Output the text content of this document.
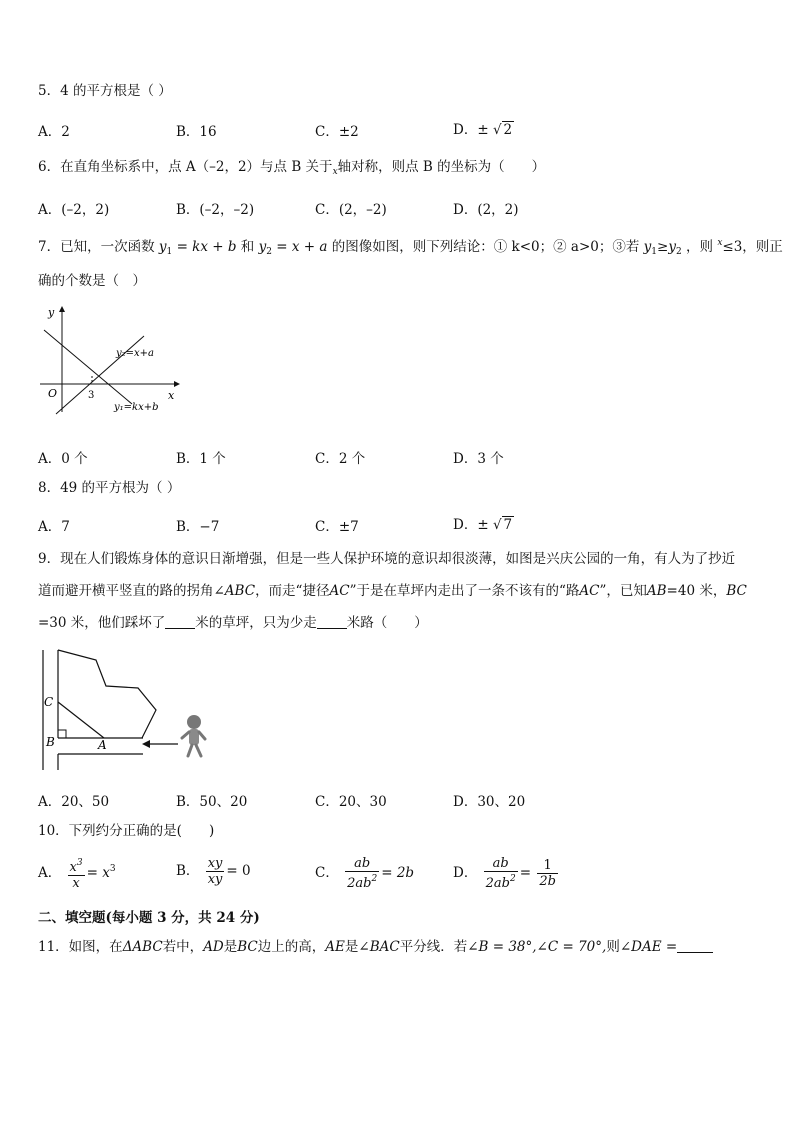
5．4 的平方根是（ ）
A．2	B．16	C．±2	D．± √ 2
6．在直角坐标系中，点 A（–2，2）与点 B 关于$_x$轴对称，则点 B 的坐标为（　　）
A．(–2，2)	B．(–2，–2)	C．(2，–2)	D．(2，2)
7．已知，一次函数 $y_1$ = kx + b 和 $y_2 = x + a$ 的图像如图，则下列结论：① k<0；② a>0；③若 $y_1\ge y_2$ ，则 $^x$≤3，则正
确的个数是（　）
y
x
O	3
y₂=x+a
y₁=kx+b
A．0 个	B．1 个	C．2 个	D．3 个
8．49 的平方根为（ ）
A．7	B．−7	C．±7	D．± √ 7
9．现在人们锻炼身体的意识日渐增强，但是一些人保护环境的意识却很淡薄，如图是兴庆公园的一角，有人为了抄近
道而避开横平竖直的路的拐角∠ABC，而走“捷径AC”于是在草坪内走出了一条不该有的“路AC”，已知AB=40 米，BC
=30 米，他们踩坏了 米的草坪，只为少走 米路（　　）
C
B	A
A．20、50	B．50、20	C．20、30	D．30、20
10．下列约分正确的是(　　)
A． $\frac{x^3}{x} = x^3$	B． $\frac{xy}{xy} = 0$	C． $\frac{ab}{2ab^2} = 2b$	D． $\frac{ab}{2ab^2} = \frac{1}{2b}$
二、填空题(每小题 3 分，共 24 分)
11．如图，在ΔABC若中，AD是BC边上的高，AE是∠BAC平分线．若∠B = 38°,∠C = 70°,则∠DAE =
